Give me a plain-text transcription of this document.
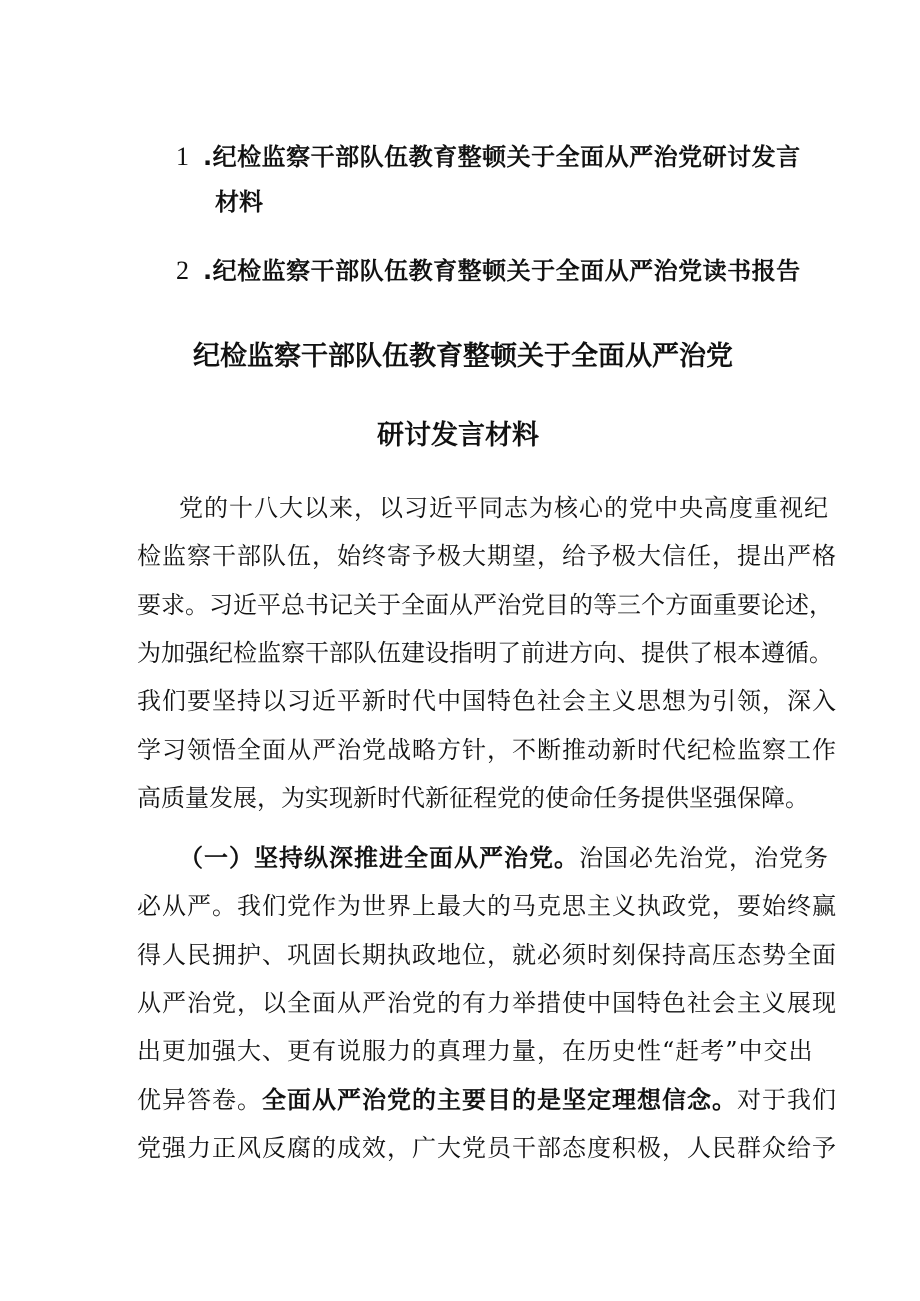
1 .纪检监察干部队伍教育整顿关于全面从严治党研讨发言
材料
2 .纪检监察干部队伍教育整顿关于全面从严治党读书报告
纪检监察干部队伍教育整顿关于全面从严治党
研讨发言材料
党的十八大以来，以习近平同志为核心的党中央高度重视纪
检监察干部队伍，始终寄予极大期望，给予极大信任，提出严格
要求。习近平总书记关于全面从严治党目的等三个方面重要论述，
为加强纪检监察干部队伍建设指明了前进方向、提供了根本遵循。
我们要坚持以习近平新时代中国特色社会主义思想为引领，深入
学习领悟全面从严治党战略方针，不断推动新时代纪检监察工作
高质量发展，为实现新时代新征程党的使命任务提供坚强保障。
（一）坚持纵深推进全面从严治党。治国必先治党，治党务
必从严。我们党作为世界上最大的马克思主义执政党，要始终赢
得人民拥护、巩固长期执政地位，就必须时刻保持高压态势全面
从严治党，以全面从严治党的有力举措使中国特色社会主义展现
出更加强大、更有说服力的真理力量，在历史性“赶考”中交出
优异答卷。全面从严治党的主要目的是坚定理想信念。对于我们
党强力正风反腐的成效，广大党员干部态度积极，人民群众给予
